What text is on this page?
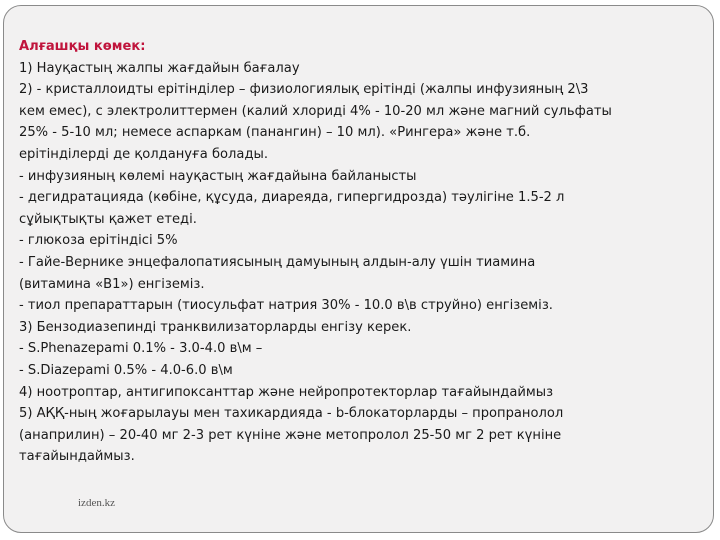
Алғашқы көмек:
1) Науқастың жалпы жағдайын бағалау
2) - кристаллоидты ерітінділер – физиологиялық ерітінді (жалпы инфузияның 2\3
кем емес), с электролиттермен (калий хлориді 4% - 10-20 мл және магний сульфаты
25% - 5-10 мл; немесе аспаркам (панангин) – 10 мл). «Рингера» және т.б.
ерітінділерді де қолдануға болады.
- инфузияның көлемі науқастың жағдайына байланысты
- дегидратацияда (көбіне, құсуда, диареяда, гипергидрозда) тәулігіне 1.5-2 л
сұйықтықты қажет етеді.
- глюкоза ерітіндісі 5%
- Гайе-Вернике энцефалопатиясының дамуының алдын-алу үшін тиамина
(витамина «В1») енгіземіз.
- тиол препараттарын (тиосульфат натрия 30% - 10.0 в\в струйно) енгіземіз.
3) Бензодиазепинді транквилизаторларды енгізу керек.
- S.Phenazepami 0.1% - 3.0-4.0 в\м –
- S.Diazepami 0.5% - 4.0-6.0 в\м
4) ноотроптар, антигипоксанттар және нейропротекторлар тағайындаймыз
5) АҚҚ-ның жоғарылауы мен тахикардияда - b-блокаторларды – пропранолол
(анаприлин) – 20-40 мг 2-3 рет күніне және метопролол 25-50 мг 2 рет күніне
тағайындаймыз.
izden.kz
